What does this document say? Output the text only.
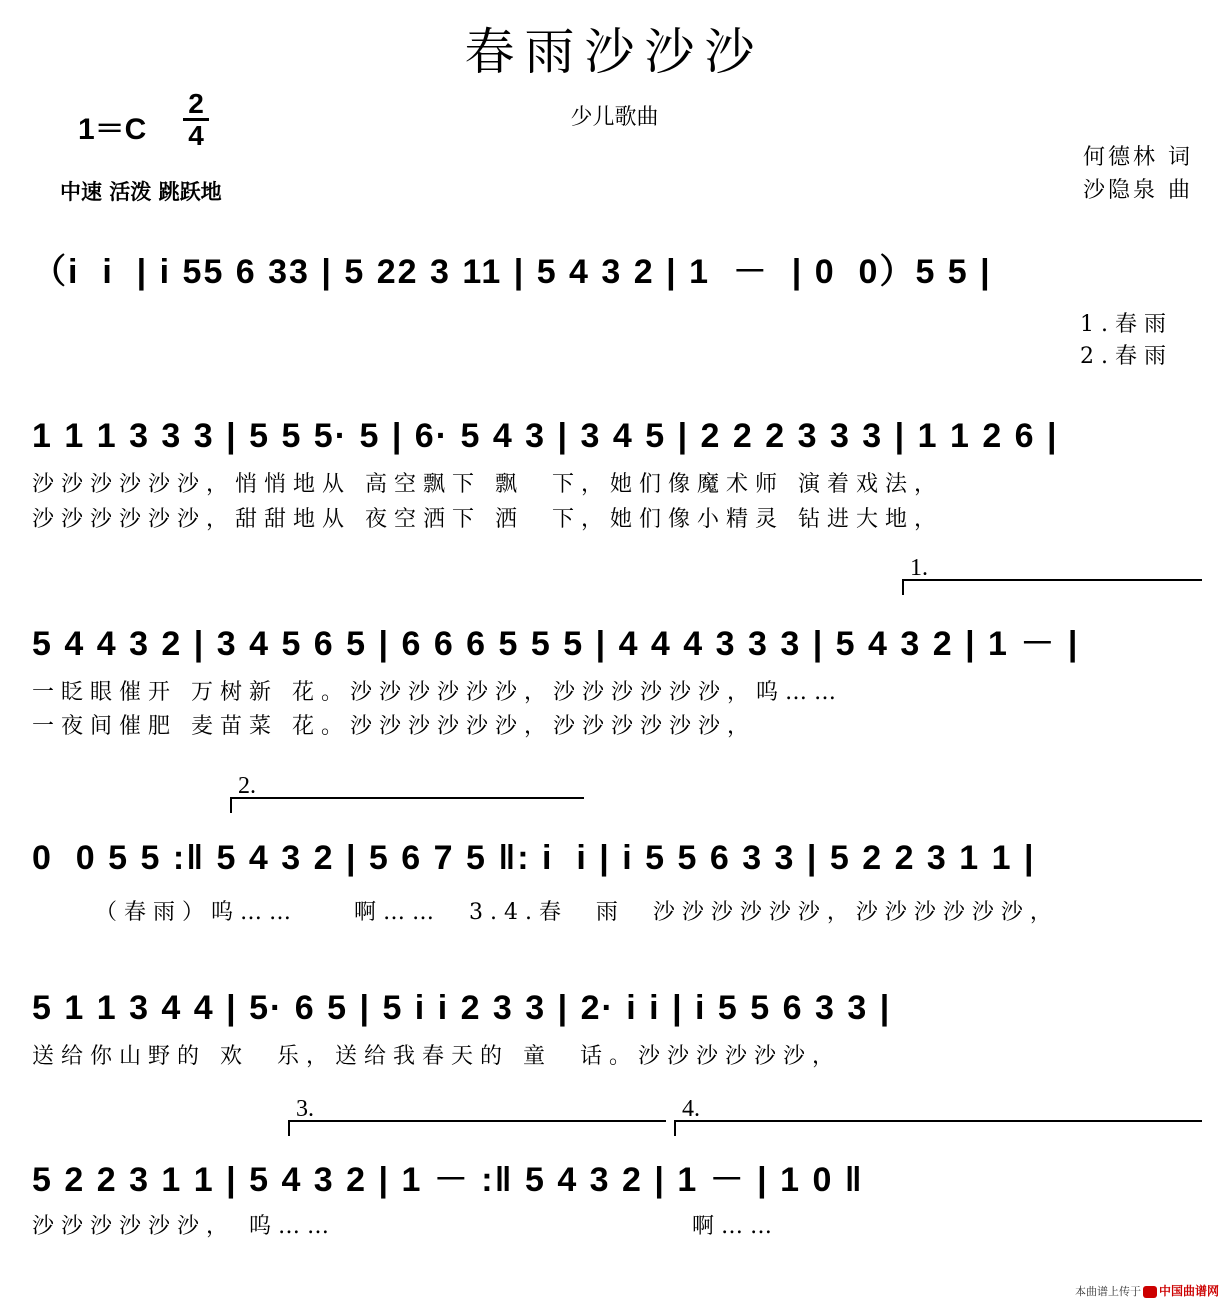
春雨沙沙沙
1＝C
2
4
少儿歌曲
中速 活泼 跳跃地
何德林 词
沙隐泉 曲
（i  i  | i 55 6 33 | 5 22 3 11 | 5 4 3 2 | 1  －  | 0  0）5 5 |
1.春雨
2.春雨
1 1 1 3 3 3 | 5 5 5· 5 | 6· 5 4 3 | 3 4 5 | 2 2 2 3 3 3 | 1 1 2 6 |
沙沙沙沙沙沙，悄悄地从 高空飘下 飘  下，她们像魔术师 演着戏法，
沙沙沙沙沙沙，甜甜地从 夜空洒下 洒  下，她们像小精灵 钻进大地，
1.
5 4 4 3 2 | 3 4 5 6 5 | 6 6 6 5 5 5 | 4 4 4 3 3 3 | 5 4 3 2 | 1 － |
一眨眼催开 万树新 花。沙沙沙沙沙沙，沙沙沙沙沙沙，呜……
一夜间催肥 麦苗菜 花。沙沙沙沙沙沙，沙沙沙沙沙沙，
2.
0  0 5 5 :‖ 5 4 3 2 | 5 6 7 5 ‖: i  i | i 5 5 6 3 3 | 5 2 2 3 1 1 |
（春雨）呜……    啊……  3.4.春  雨  沙沙沙沙沙沙，沙沙沙沙沙沙，
5 1 1 3 4 4 | 5· 6 5 | 5 i i 2 3 3 | 2· i i | i 5 5 6 3 3 |
送给你山野的 欢  乐，送给我春天的 童  话。沙沙沙沙沙沙，
3.	4.
5 2 2 3 1 1 | 5 4 3 2 | 1 － :‖ 5 4 3 2 | 1 － | 1 0 ‖
沙沙沙沙沙沙， 呜……	啊……

本曲谱上传于 中国曲谱网
